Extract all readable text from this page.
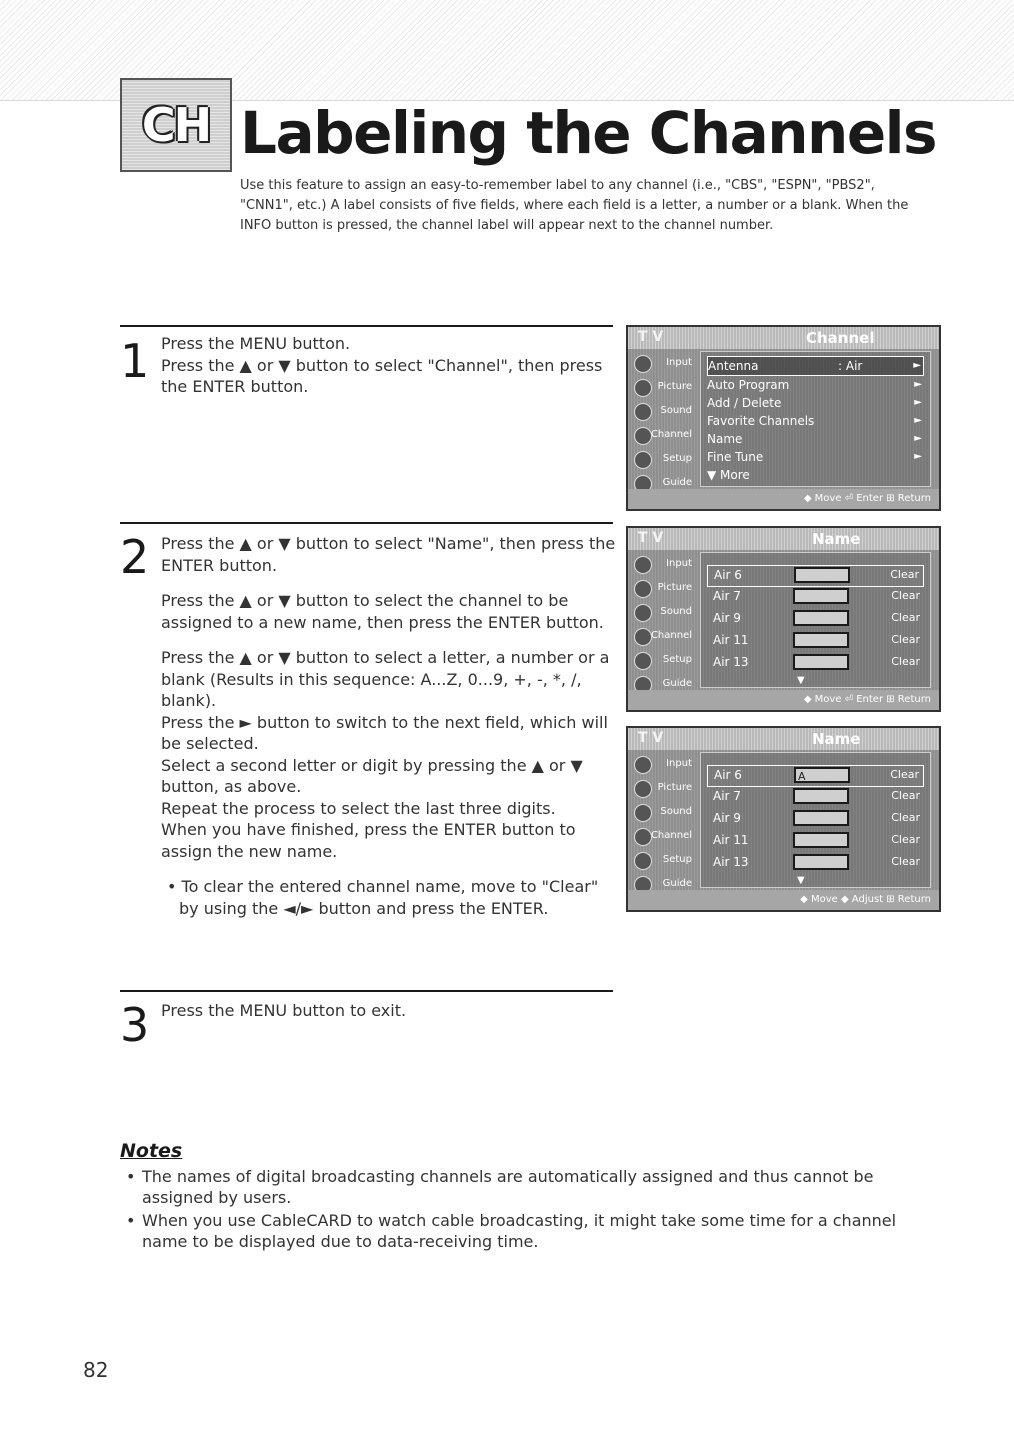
CH Labeling the Channels
Use this feature to assign an easy-to-remember label to any channel (i.e., "CBS", "ESPN", "PBS2", "CNN1", etc.) A label consists of five fields, where each field is a letter, a number or a blank. When the INFO button is pressed, the channel label will appear next to the channel number.
1 Press the MENU button.
Press the ▲ or ▼ button to select "Channel", then press the ENTER button.

2 Press the ▲ or ▼ button to select "Name", then press the ENTER button.

Press the ▲ or ▼ button to select the channel to be assigned to a new name, then press the ENTER button.

Press the ▲ or ▼ button to select a letter, a number or a blank (Results in this sequence: A...Z, 0...9, +, -, *, /, blank).
Press the ► button to switch to the next field, which will be selected.
Select a second letter or digit by pressing the ▲ or ▼ button, as above.
Repeat the process to select the last three digits.
When you have finished, press the ENTER button to assign the new name.

• To clear the entered channel name, move to "Clear" by using the ◄/► button and press the ENTER.

3 Press the MENU button to exit.

T V	Channel
Input
Picture
Sound
Channel
Setup
Guide
Antenna	: Air	►
Auto Program	►
Add / Delete	►
Favorite Channels	►
Name	►
Fine Tune	►
▼ More
◆ Move ⏎ Enter ⊞ Return
T V	Name
Input
Picture
Sound
Channel
Setup
Guide
Air 6	Clear
Air 7	Clear
Air 9	Clear
Air 11	Clear
Air 13	Clear
▼
◆ Move ⏎ Enter ⊞ Return
T V	Name
Input
Picture
Sound
Channel
Setup
Guide
Air 6	A	Clear
Air 7	Clear
Air 9	Clear
Air 11	Clear
Air 13	Clear
▼
◆ Move ◆ Adjust ⊞ Return
Notes
• The names of digital broadcasting channels are automatically assigned and thus cannot be assigned by users.
• When you use CableCARD to watch cable broadcasting, it might take some time for a channel name to be displayed due to data-receiving time.
82
